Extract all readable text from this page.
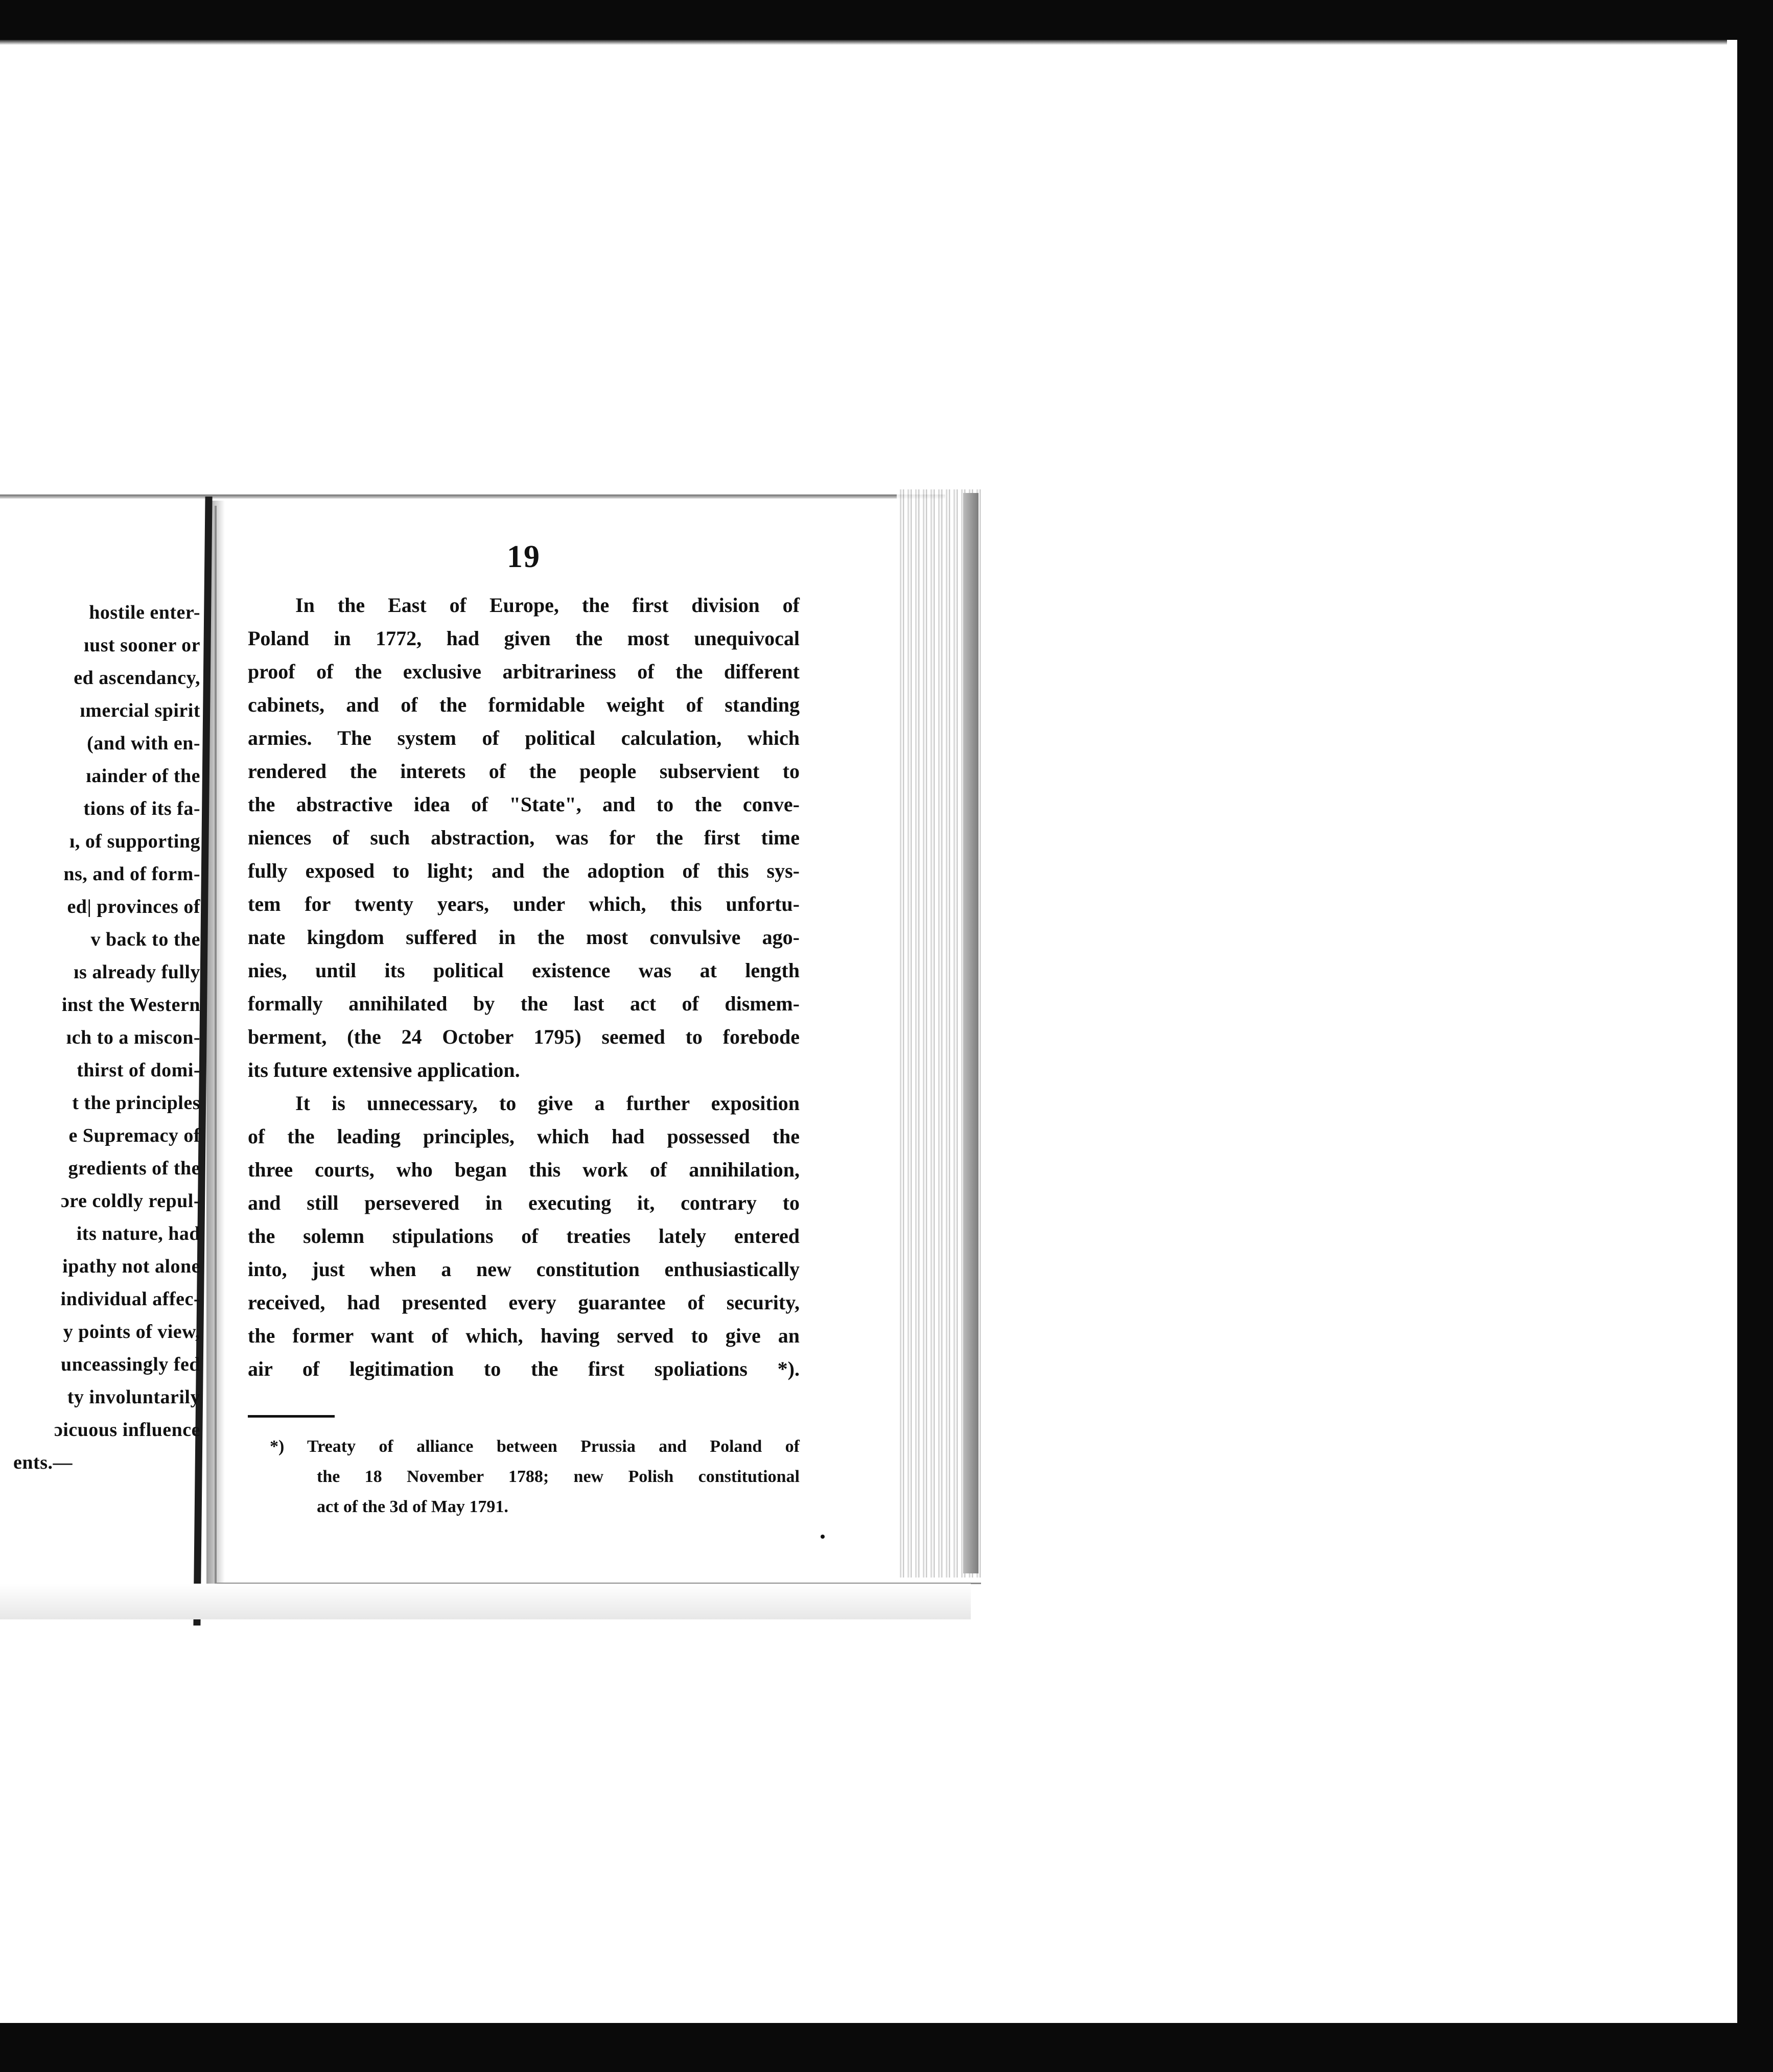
hostile enter-
ıust sooner or
ed ascendancy,
ımercial spirit
(and with en-
ıainder of the
tions of its fa-
ı, of supporting
ns, and of form-
ed| provinces of
v back to the
ıs already fully
inst the Western
ıch to a miscon-
thirst of domi-
t the principles
e Supremacy of
gredients of the
ɔre coldly repul-
its nature, had
ipathy not alone
individual affec-
y points of view,
unceassingly fed
ty involuntarily
ɔicuous influence
ents.—
19
In the East of Europe, the first division of
Poland in 1772, had given the most unequivocal
proof of the exclusive arbitrariness of the different
cabinets, and of the formidable weight of standing
armies. The system of political calculation, which
rendered the interets of the people subservient to
the abstractive idea of "State", and to the conve-
niences of such abstraction, was for the first time
fully exposed to light; and the adoption of this sys-
tem for twenty years, under which, this unfortu-
nate kingdom suffered in the most convulsive ago-
nies, until its political existence was at length
formally annihilated by the last act of dismem-
berment, (the 24 October 1795) seemed to forebode
its future extensive application.
It is unnecessary, to give a further exposition
of the leading principles, which had possessed the
three courts, who began this work of annihilation,
and still persevered in executing it, contrary to
the solemn stipulations of treaties lately entered
into, just when a new constitution enthusiastically
received, had presented every guarantee of security,
the former want of which, having served to give an
air of legitimation to the first spoliations *).
*) Treaty of alliance between Prussia and Poland of
the 18 November 1788; new Polish constitutional
act of the 3d of May 1791.
